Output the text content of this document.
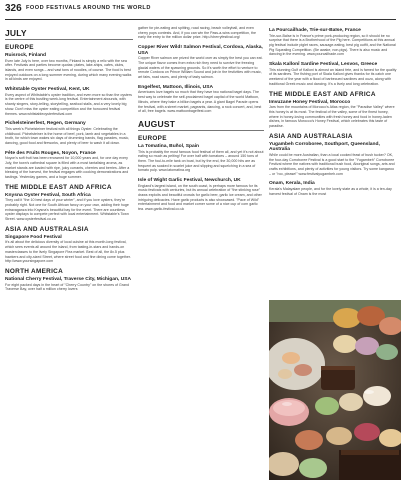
326 FOOD FESTIVALS AROUND THE WORLD
JULY
EUROPE
Ruisrock, Finland
Even late July is here, over two months, Finland is simply a relic with the sea offer. Festivals and parties become quotas: plates, lake-ships, cafes, clubs, islands, and even songs – and vast tons of noodles, of course. The food is best enjoyed outdoors on a long summer evening, during which many evening walks in all kinds are enjoyed.
Whitstable Oyster Festival, Kent, UK
Every aspect of Whitstable's oyster tradition, and even more so than the oysters is the centre of this bustling week-long festival. Entertainment abounds, with shanty singers, story-telling, storytelling, seafood stalls, and a very lovely big show. Don't miss the oyster eating competition and the honoured festival themes. www.whitstableoysterfestival.com
Pichelsteinerfest, Regen, Germany
This week's Pichelsteiner festival with all things Oyster. Celebrating the childhood. Pichelsteiner is the home of beef, pork, lamb and vegetables in a broth, for which town wakes six days of drumming bands, flag parades, music, dancing, good food and fireworks, and plenty of beer to wash it all down.
Fête des Fruits Rouges, Noyon, France
Noyon's soft fruit has been renowned for 10,000 years and, for one day every July, the town's cathedral square is filled with a most tantalising aroma, as market stands are loaded with ripe, juicy currants, cherries and berries. After a blessing of the harvest, the festival engages with cooking demonstrations and tastings. Yesterday games, and a huge summer.
THE MIDDLE EAST AND AFRICA
Knysna Oyster Festival, South Africa
They call it "the 10 best days of your winter", and if you love oysters, they're probably right. Not one for South African fancy on your own, adding their huge extravaganza into Knysna's beautiful bay for the event. There are countless oyster displays to compete perfect with local entertainment. Whitstable's Town Street. www.oysterfestival.co.za
ASIA AND AUSTRALASIA
Singapore Food Festival
It's all about the delicious diversity of local cuisine at this month-long festival, which sees events all around the island, from tasting-in-stars and hands-on masterclasses to the lively Singapore Flea market. Best of all, the 8x.5 plus hawkers and city-sized Street, where street food and fine dining come together. http://www.yoursingapore.com
NORTH AMERICA
National Cherry Festival, Traverse City, Michigan, USA
For eight packed days in the heart of "Cherry Country" on the shores of Grand Traverse Bay, over half a million cherry lovers
gather for pie-eating and spitting, road racing, beach volleyball, and even cherry pops contests. And, if you can win the Pass-a-wins competition, the early the entry to the million dollar prize. http://cherryfestival.org/
Copper River Wild! Salmon Festival, Cordova, Alaska, USA
Copper River salmon are prized the world over as simply the best you can eat. The unique flavor comes from extra rich they need to survive the freezing glacial waters of the spawning grounds. So it's worth the effort to venture to remote Cordova on Prince William Sound and join in the festivities with music, art fairs, road races, and plenty of tasty salmon.
Engelfest, Mattoon, Illinois, USA
Americans love bagels so much that they have two national bagel days. The best way to celebrate the self-proclaimed bagel capital of the world Mattoon, Illinois, where they bake a billion bagels a year. A giant Bagel Parade opens the festival, with a street market, pageants, dancing, a rock concert, and, best of all, free bagels. www.mattoonbagelfest.com
AUGUST
EUROPE
La Tomatina, Buñol, Spain
This is probably the most famous food festival of them all, and yet it's not about eating so much as pelting! For over half with tomatoes – around 150 tons of them. The foul-to-mile tank on boat, but by the end, the 30,000 hits are as frequent as soaked in scarlet juice and slipping and squelching in a sea of tomato pulp. www.latomatina.org
Isle of Wight Garlic Festival, Newchurch, UK
England's largest island, on the south coast, is perhaps more famous for its music festivals with centuries, but its annual celebration of "the stinking rose" draws exploits and beautiful crowds for garlic beer, garlic ice cream, and other intriguing delicacies. Have garlic products is also showcased. "Pace of Wild" entertainment and food and market corner some of a nice cup of corn garlic tea. www.garlic-festival.co.uk
La Pourcailhade, Trie-sur-Baïse, France
Trie-sur-Baïse is in France's prime pork-producing region, so it should be no surprise that there is a Brotherhood of the Pig here. Competitions at this annual pig festival include piglet races, sausage-eating, best pig outfit, and the National Pig Squealing Competition. (Be awake, non-pigs). There is also music and dancing in the evening. www.pourcailhade.com
Skala Kallonî Sardine Festival, Lesvos, Greece
This stunning Gulf of Kalloni is almost an island fete, and is famed for the quality of its sardines. The fishing port of Skala Kalloni gives thanks for its catch one weekend of the year with a flood of barbecued sardines and ouzo, along with traditional Greek music and dancing. It's a lively and long celebration.
THE MIDDLE EAST AND AFRICA
Imvuzane Honey Festival, Morocco
Jars from the mountains of Morocco's Atlas region, the "Paradise Valley" where this honey is at its most. The festival of the valley, some of the finest honey, where in honey-loving communities with fresh honey and food in honey-laden dishes, in famous Morocco's Honey Festival, which celebrates this taste of paradise.
ASIA AND AUSTRALASIA
Yugambeh Corroboree, Southport, Queensland, Australia
While could be more Australian, than a local cooked feast of bush tucker? OK, the four-day Corroboree Festival is a good start to the "Yugambeh" Corroboree Festival where the natives with traditional bush food, Aboriginal songs, arts and crafts exhibitions, and plenty of activities for young visitors. Try some kangaroo – or "roo, please!" www.festivalyugambeh.com
Onam, Kerala, India
Kerala's Malayalam people, and for the lovely state as a whole, it is a ten-day harvest festival of Onam is the most
